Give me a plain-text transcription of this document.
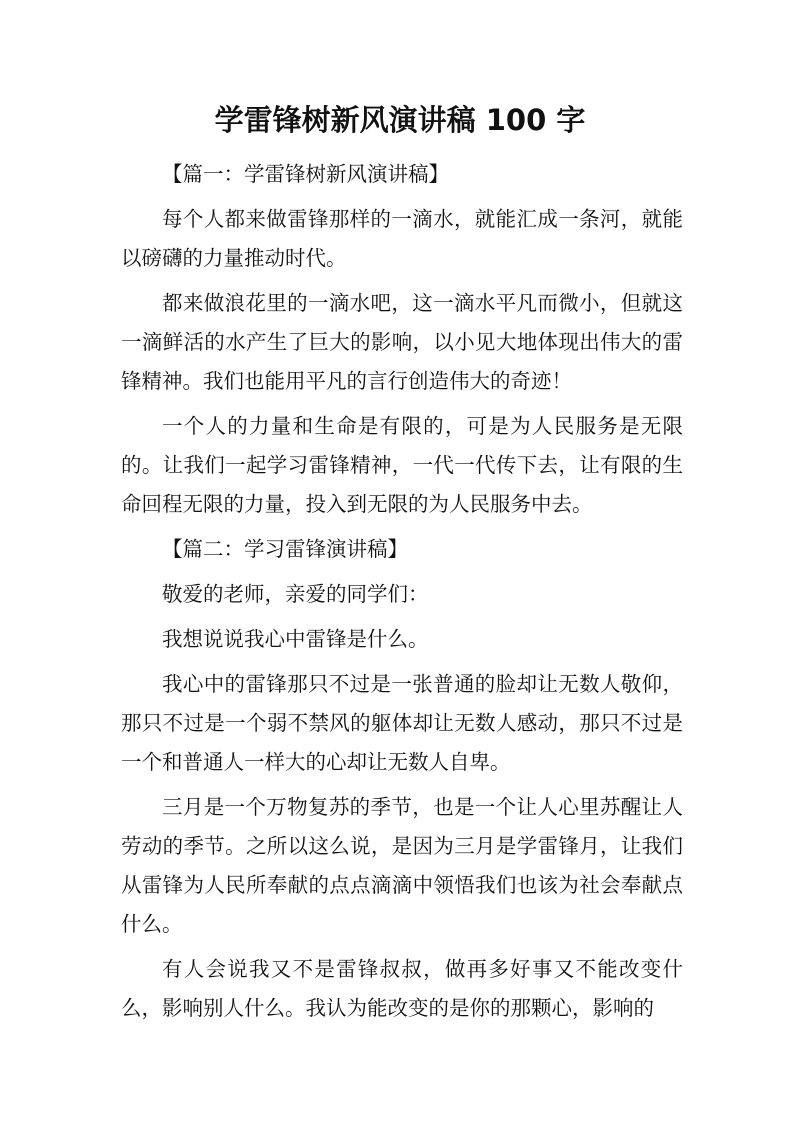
学雷锋树新风演讲稿 100 字

【篇一：学雷锋树新风演讲稿】

每个人都来做雷锋那样的一滴水，就能汇成一条河，就能以磅礴的力量推动时代。

都来做浪花里的一滴水吧，这一滴水平凡而微小，但就这一滴鲜活的水产生了巨大的影响，以小见大地体现出伟大的雷锋精神。我们也能用平凡的言行创造伟大的奇迹！

一个人的力量和生命是有限的，可是为人民服务是无限的。让我们一起学习雷锋精神，一代一代传下去，让有限的生命回程无限的力量，投入到无限的为人民服务中去。

【篇二：学习雷锋演讲稿】

敬爱的老师，亲爱的同学们：

我想说说我心中雷锋是什么。

我心中的雷锋那只不过是一张普通的脸却让无数人敬仰，那只不过是一个弱不禁风的躯体却让无数人感动，那只不过是一个和普通人一样大的心却让无数人自卑。

三月是一个万物复苏的季节，也是一个让人心里苏醒让人劳动的季节。之所以这么说，是因为三月是学雷锋月，让我们从雷锋为人民所奉献的点点滴滴中领悟我们也该为社会奉献点什么。

有人会说我又不是雷锋叔叔，做再多好事又不能改变什么，影响别人什么。我认为能改变的是你的那颗心，影响的
